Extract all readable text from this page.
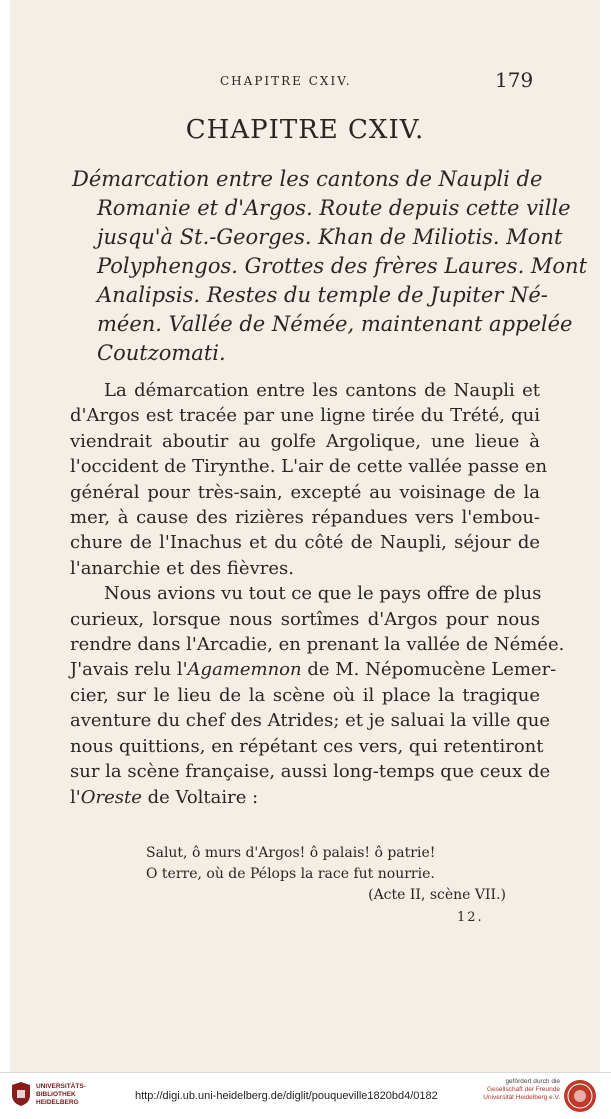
CHAPITRE CXIV.	179
CHAPITRE CXIV.
Démarcation entre les cantons de Naupli de
Romanie et d'Argos. Route depuis cette ville
jusqu'à St.-Georges. Khan de Miliotis. Mont
Polyphengos. Grottes des frères Laures. Mont
Analipsis. Restes du temple de Jupiter Né-
méen. Vallée de Némée, maintenant appelée
Coutzomati.
La démarcation entre les cantons de Naupli et
d'Argos est tracée par une ligne tirée du Trété, qui
viendrait aboutir au golfe Argolique, une lieue à
l'occident de Tirynthe. L'air de cette vallée passe en
général pour très-sain, excepté au voisinage de la
mer, à cause des rizières répandues vers l'embou-
chure de l'Inachus et du côté de Naupli, séjour de
l'anarchie et des fièvres.
Nous avions vu tout ce que le pays offre de plus
curieux, lorsque nous sortîmes d'Argos pour nous
rendre dans l'Arcadie, en prenant la vallée de Némée.
J'avais relu l'Agamemnon de M. Népomucène Lemer-
cier, sur le lieu de la scène où il place la tragique
aventure du chef des Atrides; et je saluai la ville que
nous quittions, en répétant ces vers, qui retentiront
sur la scène française, aussi long-temps que ceux de
l'Oreste de Voltaire :
Salut, ô murs d'Argos! ô palais! ô patrie!
O terre, où de Pélops la race fut nourrie.
(Acte II, scène VII.)
12.
UNIVERSITÄTS-
BIBLIOTHEK
HEIDELBERG
http://digi.ub.uni-heidelberg.de/diglit/pouqueville1820bd4/0182
gefördert durch die
Gesellschaft der Freunde
Universität Heidelberg e.V.
